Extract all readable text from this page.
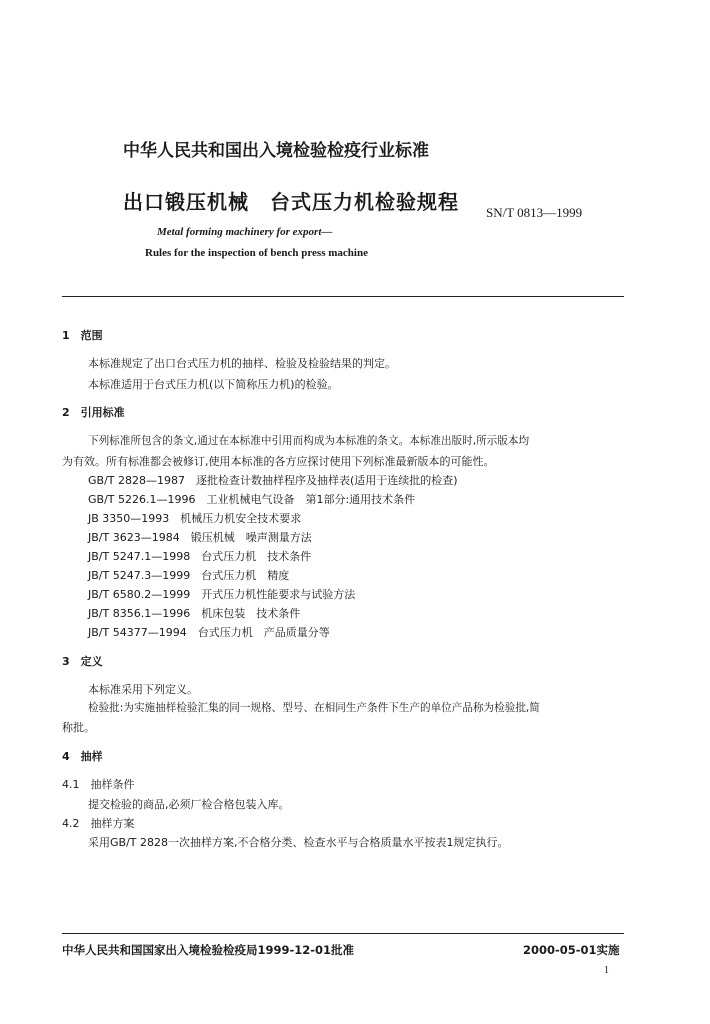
中华人民共和国出入境检验检疫行业标准
出口锻压机械　台式压力机检验规程 SN/T 0813—1999
Metal forming machinery for export—
Rules for the inspection of bench press machine
1　范围
本标准规定了出口台式压力机的抽样、检验及检验结果的判定。
本标准适用于台式压力机(以下简称压力机)的检验。
2　引用标准
下列标准所包含的条文,通过在本标准中引用而构成为本标准的条文。本标准出版时,所示版本均
为有效。所有标准都会被修订,使用本标准的各方应探讨使用下列标准最新版本的可能性。
GB/T 2828—1987　逐批检查计数抽样程序及抽样表(适用于连续批的检查)
GB/T 5226.1—1996　工业机械电气设备　第1部分:通用技术条件
JB 3350—1993　机械压力机安全技术要求
JB/T 3623—1984　锻压机械　噪声测量方法
JB/T 5247.1—1998　台式压力机　技术条件
JB/T 5247.3—1999　台式压力机　精度
JB/T 6580.2—1999　开式压力机性能要求与试验方法
JB/T 8356.1—1996　机床包装　技术条件
JB/T 54377—1994　台式压力机　产品质量分等
3　定义
本标准采用下列定义。
检验批:为实施抽样检验汇集的同一规格、型号、在相同生产条件下生产的单位产品称为检验批,简
称批。
4　抽样
4.1　抽样条件
提交检验的商品,必须厂检合格包装入库。
4.2　抽样方案
采用GB/T 2828一次抽样方案,不合格分类、检查水平与合格质量水平按表1规定执行。
中华人民共和国国家出入境检验检疫局1999-12-01批准	2000-05-01实施
1
